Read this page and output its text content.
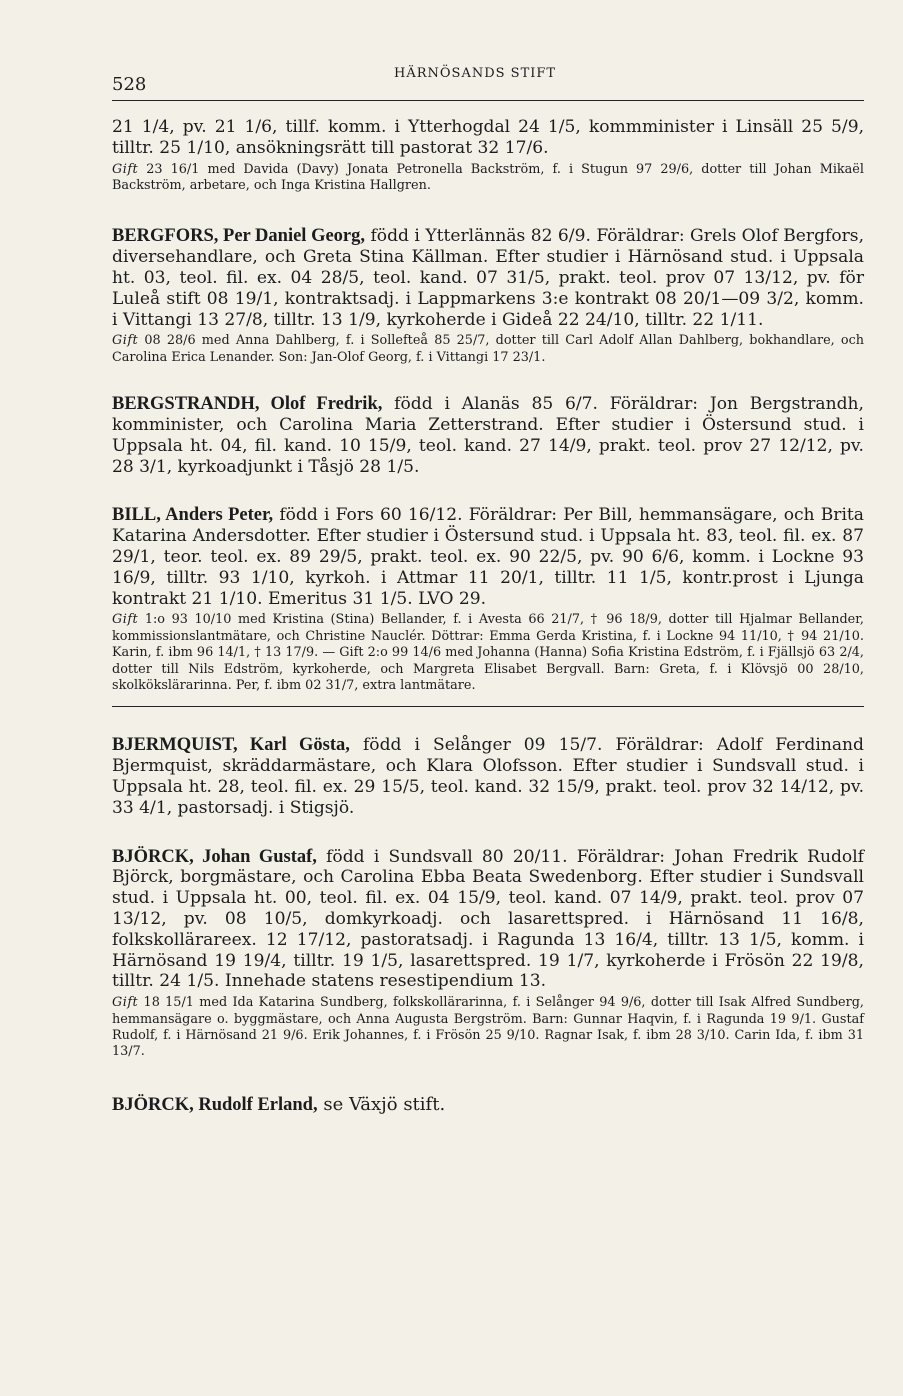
528
HÄRNÖSANDS STIFT

21 1/4, pv. 21 1/6, tillf. komm. i Ytterhogdal 24 1/5, kommminister i Linsäll 25 5/9, tilltr. 25 1/10, ansökningsrätt till pastorat 32 17/6.

Gift 23 16/1 med Davida (Davy) Jonata Petronella Backström, f. i Stugun 97 29/6, dotter till Johan Mikaël Backström, arbetare, och Inga Kristina Hallgren.

BERGFORS, Per Daniel Georg, född i Ytterlännäs 82 6/9. Föräldrar: Grels Olof Bergfors, diversehandlare, och Greta Stina Källman. Efter studier i Härnösand stud. i Uppsala ht. 03, teol. fil. ex. 04 28/5, teol. kand. 07 31/5, prakt. teol. prov 07 13/12, pv. för Luleå stift 08 19/1, kontraktsadj. i Lappmarkens 3:e kontrakt 08 20/1—09 3/2, komm. i Vittangi 13 27/8, tilltr. 13 1/9, kyrkoherde i Gideå 22 24/10, tilltr. 22 1/11.

Gift 08 28/6 med Anna Dahlberg, f. i Sollefteå 85 25/7, dotter till Carl Adolf Allan Dahlberg, bokhandlare, och Carolina Erica Lenander. Son: Jan-Olof Georg, f. i Vittangi 17 23/1.

BERGSTRANDH, Olof Fredrik, född i Alanäs 85 6/7. Föräldrar: Jon Bergstrandh, komminister, och Carolina Maria Zetterstrand. Efter studier i Östersund stud. i Uppsala ht. 04, fil. kand. 10 15/9, teol. kand. 27 14/9, prakt. teol. prov 27 12/12, pv. 28 3/1, kyrkoadjunkt i Tåsjö 28 1/5.

BILL, Anders Peter, född i Fors 60 16/12. Föräldrar: Per Bill, hemmansägare, och Brita Katarina Andersdotter. Efter studier i Östersund stud. i Uppsala ht. 83, teol. fil. ex. 87 29/1, teor. teol. ex. 89 29/5, prakt. teol. ex. 90 22/5, pv. 90 6/6, komm. i Lockne 93 16/9, tilltr. 93 1/10, kyrkoh. i Attmar 11 20/1, tilltr. 11 1/5, kontr.prost i Ljunga kontrakt 21 1/10. Emeritus 31 1/5. LVO 29.

Gift 1:o 93 10/10 med Kristina (Stina) Bellander, f. i Avesta 66 21/7, † 96 18/9, dotter till Hjalmar Bellander, kommissionslantmätare, och Christine Nauclér. Döttrar: Emma Gerda Kristina, f. i Lockne 94 11/10, † 94 21/10. Karin, f. ibm 96 14/1, † 13 17/9. — Gift 2:o 99 14/6 med Johanna (Hanna) Sofia Kristina Edström, f. i Fjällsjö 63 2/4, dotter till Nils Edström, kyrkoherde, och Margreta Elisabet Bergvall. Barn: Greta, f. i Klövsjö 00 28/10, skolkökslärarinna. Per, f. ibm 02 31/7, extra lantmätare.

BJERMQUIST, Karl Gösta, född i Selånger 09 15/7. Föräldrar: Adolf Ferdinand Bjermquist, skräddarmästare, och Klara Olofsson. Efter studier i Sundsvall stud. i Uppsala ht. 28, teol. fil. ex. 29 15/5, teol. kand. 32 15/9, prakt. teol. prov 32 14/12, pv. 33 4/1, pastorsadj. i Stigsjö.

BJÖRCK, Johan Gustaf, född i Sundsvall 80 20/11. Föräldrar: Johan Fredrik Rudolf Björck, borgmästare, och Carolina Ebba Beata Swedenborg. Efter studier i Sundsvall stud. i Uppsala ht. 00, teol. fil. ex. 04 15/9, teol. kand. 07 14/9, prakt. teol. prov 07 13/12, pv. 08 10/5, domkyrkoadj. och lasarettspred. i Härnösand 11 16/8, folkskollärareex. 12 17/12, pastoratsadj. i Ragunda 13 16/4, tilltr. 13 1/5, komm. i Härnösand 19 19/4, tilltr. 19 1/5, lasarettspred. 19 1/7, kyrkoherde i Frösön 22 19/8, tilltr. 24 1/5. Innehade statens resestipendium 13.

Gift 18 15/1 med Ida Katarina Sundberg, folkskollärarinna, f. i Selånger 94 9/6, dotter till Isak Alfred Sundberg, hemmansägare o. byggmästare, och Anna Augusta Bergström. Barn: Gunnar Haqvin, f. i Ragunda 19 9/1. Gustaf Rudolf, f. i Härnösand 21 9/6. Erik Johannes, f. i Frösön 25 9/10. Ragnar Isak, f. ibm 28 3/10. Carin Ida, f. ibm 31 13/7.

BJÖRCK, Rudolf Erland, se Växjö stift.
